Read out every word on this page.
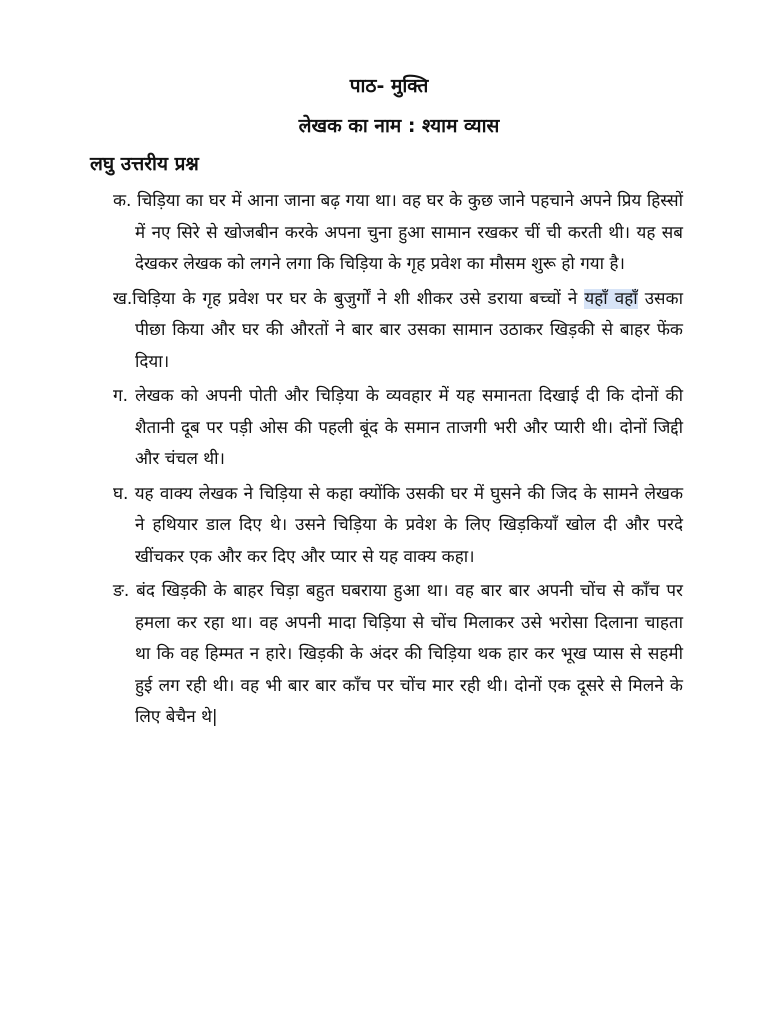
पाठ- मुक्ति
लेखक का नाम : श्याम व्यास
लघु उत्तरीय प्रश्न

क. चिड़िया का घर में आना जाना बढ़ गया था। वह घर के कुछ जाने पहचाने अपने प्रिय हिस्सों में नए सिरे से खोजबीन करके अपना चुना हुआ सामान रखकर चीं ची करती थी। यह सब देखकर लेखक को लगने लगा कि चिड़िया के गृह प्रवेश का मौसम शुरू हो गया है।

ख.चिड़िया के गृह प्रवेश पर घर के बुजुर्गों ने शी शीकर उसे डराया बच्चों ने यहाँ वहाँ उसका पीछा किया और घर की औरतों ने बार बार उसका सामान उठाकर खिड़की से बाहर फेंक दिया।

ग. लेखक को अपनी पोती और चिड़िया के व्यवहार में यह समानता दिखाई दी कि दोनों की शैतानी दूब पर पड़ी ओस की पहली बूंद के समान ताजगी भरी और प्यारी थी। दोनों जिद्दी और चंचल थी।

घ. यह वाक्य लेखक ने चिड़िया से कहा क्योंकि उसकी घर में घुसने की जिद के सामने लेखक ने हथियार डाल दिए थे। उसने चिड़िया के प्रवेश के लिए खिड़कियाँ खोल दी और परदे खींचकर एक और कर दिए और प्यार से यह वाक्य कहा।

ङ. बंद खिड़की के बाहर चिड़ा बहुत घबराया हुआ था। वह बार बार अपनी चोंच से काँच पर हमला कर रहा था। वह अपनी मादा चिड़िया से चोंच मिलाकर उसे भरोसा दिलाना चाहता था कि वह हिम्मत न हारे। खिड़की के अंदर की चिड़िया थक हार कर भूख प्यास से सहमी हुई लग रही थी। वह भी बार बार काँच पर चोंच मार रही थी। दोनों एक दूसरे से मिलने के लिए बेचैन थे|
